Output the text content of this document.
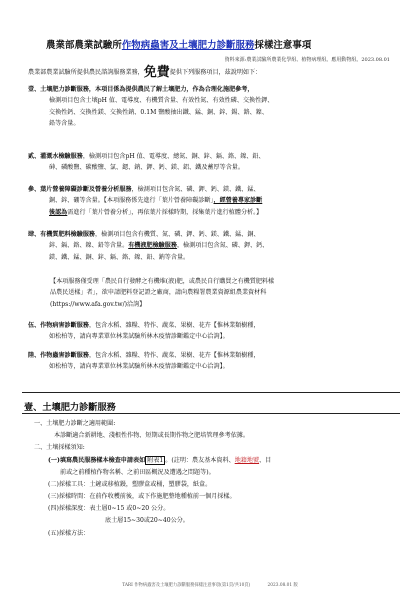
農業部農業試驗所作物病蟲害及土壤肥力診斷服務採樣注意事項
資料來源:農業試驗所農業化學組、植物病理組。應用動物組。2023.08.01
農業部農業試驗所提供農民諮詢服務業務，免費提供下列服務項目，茲說明如下：
壹、土壤肥力診斷服務，本項目係為提供農民了解土壤肥力，作為合理化施肥參考，
檢測項目包含土壤pH 值、電導度、有機質含量、有效性氮、有效性磷、交換性鉀、
交換性鈣、交換性鎂、交換性鈉、0.1M 鹽酸抽出鐵、錳、銅、鋅、錫、鉻、鎳、
鉛等含量。
貳、灌溉水檢驗服務，檢測項目包含pH 值、電導度、總氮、銅、鋅、鎘、鉻、鎳、鉛、
砷、磷酸鹽、碳酸鹽、氯、鍶、鈉、鉀、鈣、鎂、鋁、鐵及蓄厚等含量。
參、葉片營養障礙診斷及營養分析服務，檢測項目包含氮、磷、鉀、鈣、鎂、鐵、錳、
銅、鋅、硼等含量。【本項服務係先進行「葉片營養障礙診斷」，經營養專家診斷
後認為需進行「葉片營養分析」，再依葉片採樣時期，採集葉片進行植體分析。】
肆、有機質肥料檢驗服務，檢測項目包含有機質、氮、磷、鉀、鈣、鎂、鐵、錳、銅、
鋅、鎘、鉻、鎳、鉛等含量。有機液肥檢驗服務，檢測項目包含氮、磷、鉀、鈣、
鎂、鐵、錳、銅、鋅、鎘、鉻、鎳、鉛、鈉等含量。
【本項服務僅受理「農民自行發酵之有機堆(液)肥，或農民自行購買之有機質肥料樣
品農民送樣」者」，欲申請肥料登記證之廠商，請向農糧署農業資源組農業資材科
(https://www.afa.gov.tw/)洽詢】
伍、作物病害診斷服務，包含水稻、雜糧、特作、蔬菜、果樹、花卉【惟林業類樹種，
如松柏等，請向專業單位林業試驗所林木疫情診斷鑑定中心洽詢】。
陸、作物蟲害診斷服務，包含水稻、雜糧、特作、蔬菜、果樹、花卉【惟林業類樹種，
如松柏等，請向專業單位林業試驗所林木疫情診斷鑑定中心洽詢】。
壹、土壤肥力診斷服務
一、土壤肥力診斷之適用範圍:
本診斷適合新耕地、淺根性作物、短期或長期作物之肥培管理參考依據。
二、土壤採樣須知:
(一)填寫農民服務樣本檢查申請表如 附表1 。(註明：農友基本資料、地籍地號、目
前或之前種植作物名稱、之前田區概況及遭遇之問題等)。
(二)採樣工具：土鏟或移植鏝，塑膠盒或桶，塑膠袋，紙盒。
(三)採樣時間：在前作收穫前後，或下作施肥整地種植前一個月採樣。
(四)採樣深度：表土層0~15 或0~20 公分。
底土層15~30或20~40公分。
(五)採樣方法：
TARI 作物病蟲害及土壤肥力診斷服務採樣注意事項(第1頁/共10頁)　　　　2023.08.01 版
